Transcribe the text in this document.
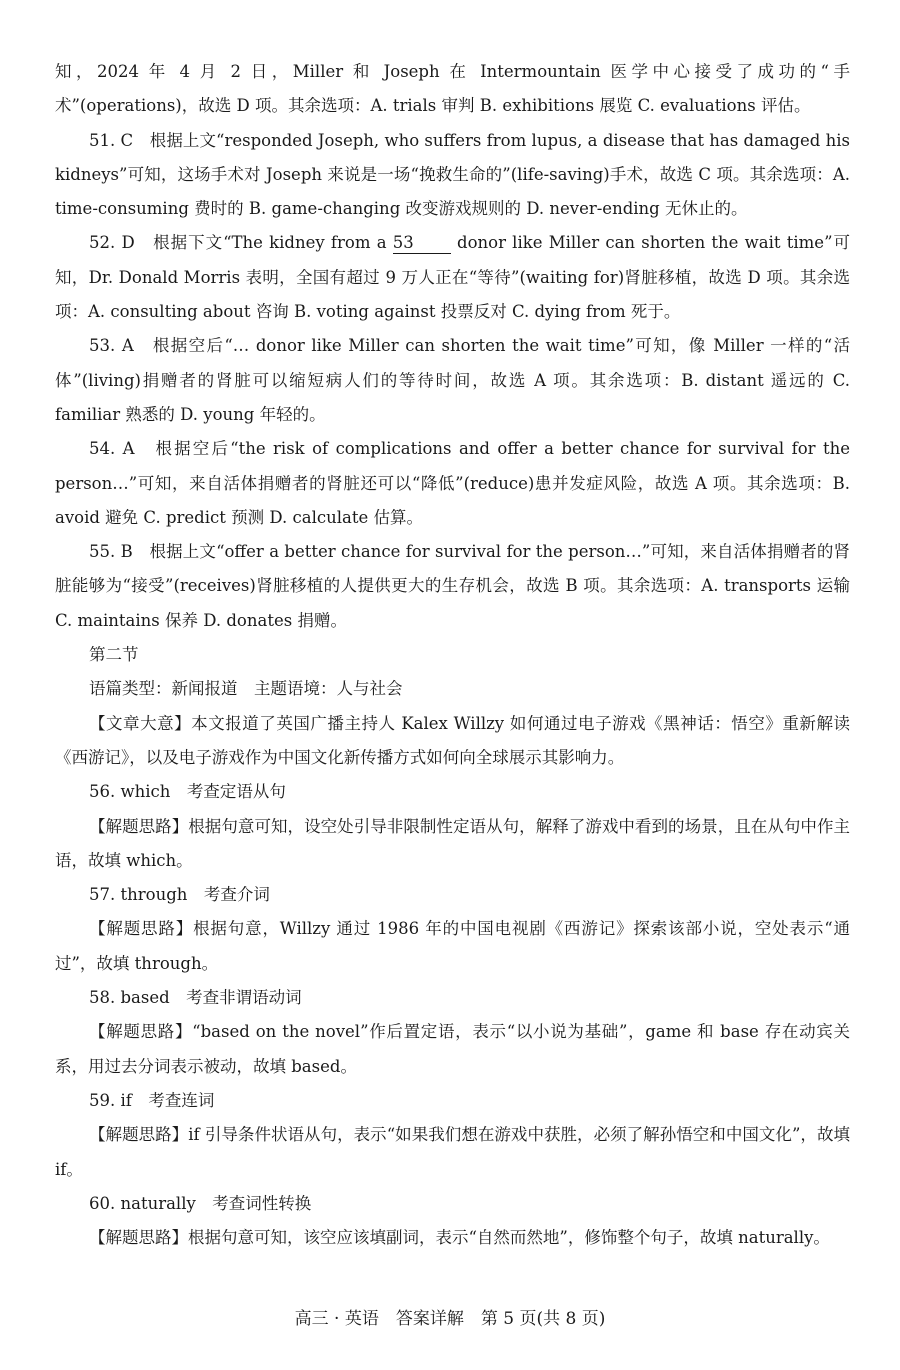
知，2024 年 4 月 2 日，Miller 和 Joseph 在 Intermountain 医学中心接受了成功的“手术”(operations)，故选 D 项。其余选项：A. trials 审判 B. exhibitions 展览 C. evaluations 评估。

51. C　根据上文“responded Joseph, who suffers from lupus, a disease that has damaged his kidneys”可知，这场手术对 Joseph 来说是一场“挽救生命的”(life-saving)手术，故选 C 项。其余选项：A. time-consuming 费时的 B. game-changing 改变游戏规则的 D. never-ending 无休止的。

52. D　根据下文“The kidney from a 53 donor like Miller can shorten the wait time”可知，Dr. Donald Morris 表明，全国有超过 9 万人正在“等待”(waiting for)肾脏移植，故选 D 项。其余选项：A. consulting about 咨询 B. voting against 投票反对 C. dying from 死于。

53. A　根据空后“… donor like Miller can shorten the wait time”可知，像 Miller 一样的“活体”(living)捐赠者的肾脏可以缩短病人们的等待时间，故选 A 项。其余选项：B. distant 遥远的 C. familiar 熟悉的 D. young 年轻的。

54. A　根据空后“the risk of complications and offer a better chance for survival for the person…”可知，来自活体捐赠者的肾脏还可以“降低”(reduce)患并发症风险，故选 A 项。其余选项：B. avoid 避免 C. predict 预测 D. calculate 估算。

55. B　根据上文“offer a better chance for survival for the person…”可知，来自活体捐赠者的肾脏能够为“接受”(receives)肾脏移植的人提供更大的生存机会，故选 B 项。其余选项：A. transports 运输 C. maintains 保养 D. donates 捐赠。

第二节

语篇类型：新闻报道　主题语境：人与社会

【文章大意】本文报道了英国广播主持人 Kalex Willzy 如何通过电子游戏《黑神话：悟空》重新解读《西游记》，以及电子游戏作为中国文化新传播方式如何向全球展示其影响力。

56. which　考查定语从句

【解题思路】根据句意可知，设空处引导非限制性定语从句，解释了游戏中看到的场景，且在从句中作主语，故填 which。

57. through　考查介词

【解题思路】根据句意，Willzy 通过 1986 年的中国电视剧《西游记》探索该部小说，空处表示“通过”，故填 through。

58. based　考查非谓语动词

【解题思路】“based on the novel”作后置定语，表示“以小说为基础”，game 和 base 存在动宾关系，用过去分词表示被动，故填 based。

59. if　考查连词

【解题思路】if 引导条件状语从句，表示“如果我们想在游戏中获胜，必须了解孙悟空和中国文化”，故填 if。

60. naturally　考查词性转换

【解题思路】根据句意可知，该空应该填副词，表示“自然而然地”，修饰整个句子，故填 naturally。

高三 · 英语　答案详解　第 5 页(共 8 页)
